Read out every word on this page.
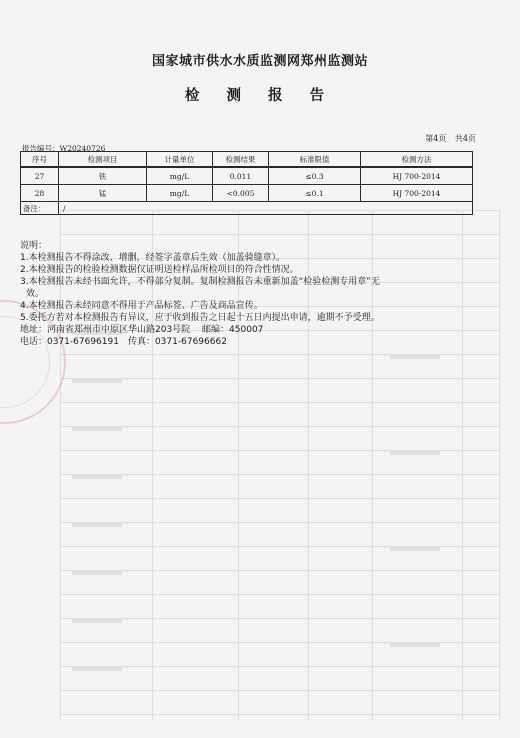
国家城市供水水质监测网郑州监测站
检 测 报 告
第4页 共4页
报告编号：W20240726
序号	检测项目	计量单位	检测结果	标准限值	检测方法
27	铁	mg/L	0.011	≤0.3	HJ 700-2014
28	锰	mg/L	<0.005	≤0.1	HJ 700-2014
备注：	/				

说明：

1.本检测报告不得涂改、增删，经签字盖章后生效（加盖骑缝章）。

2.本检测报告的检验检测数据仅证明送检样品所检项目的符合性情况。

3.本检测报告未经书面允许，不得部分复制。复制检测报告未重新加盖“检验检测专用章”无

效。

4.本检测报告未经同意不得用于产品标签、广告及商品宣传。

5.委托方若对本检测报告有异议，应于收到报告之日起十五日内提出申请，逾期不予受理。

地址：河南省郑州市中原区华山路203号院　 邮编：450007

电话：0371-67696191　传真：0371-67696662
